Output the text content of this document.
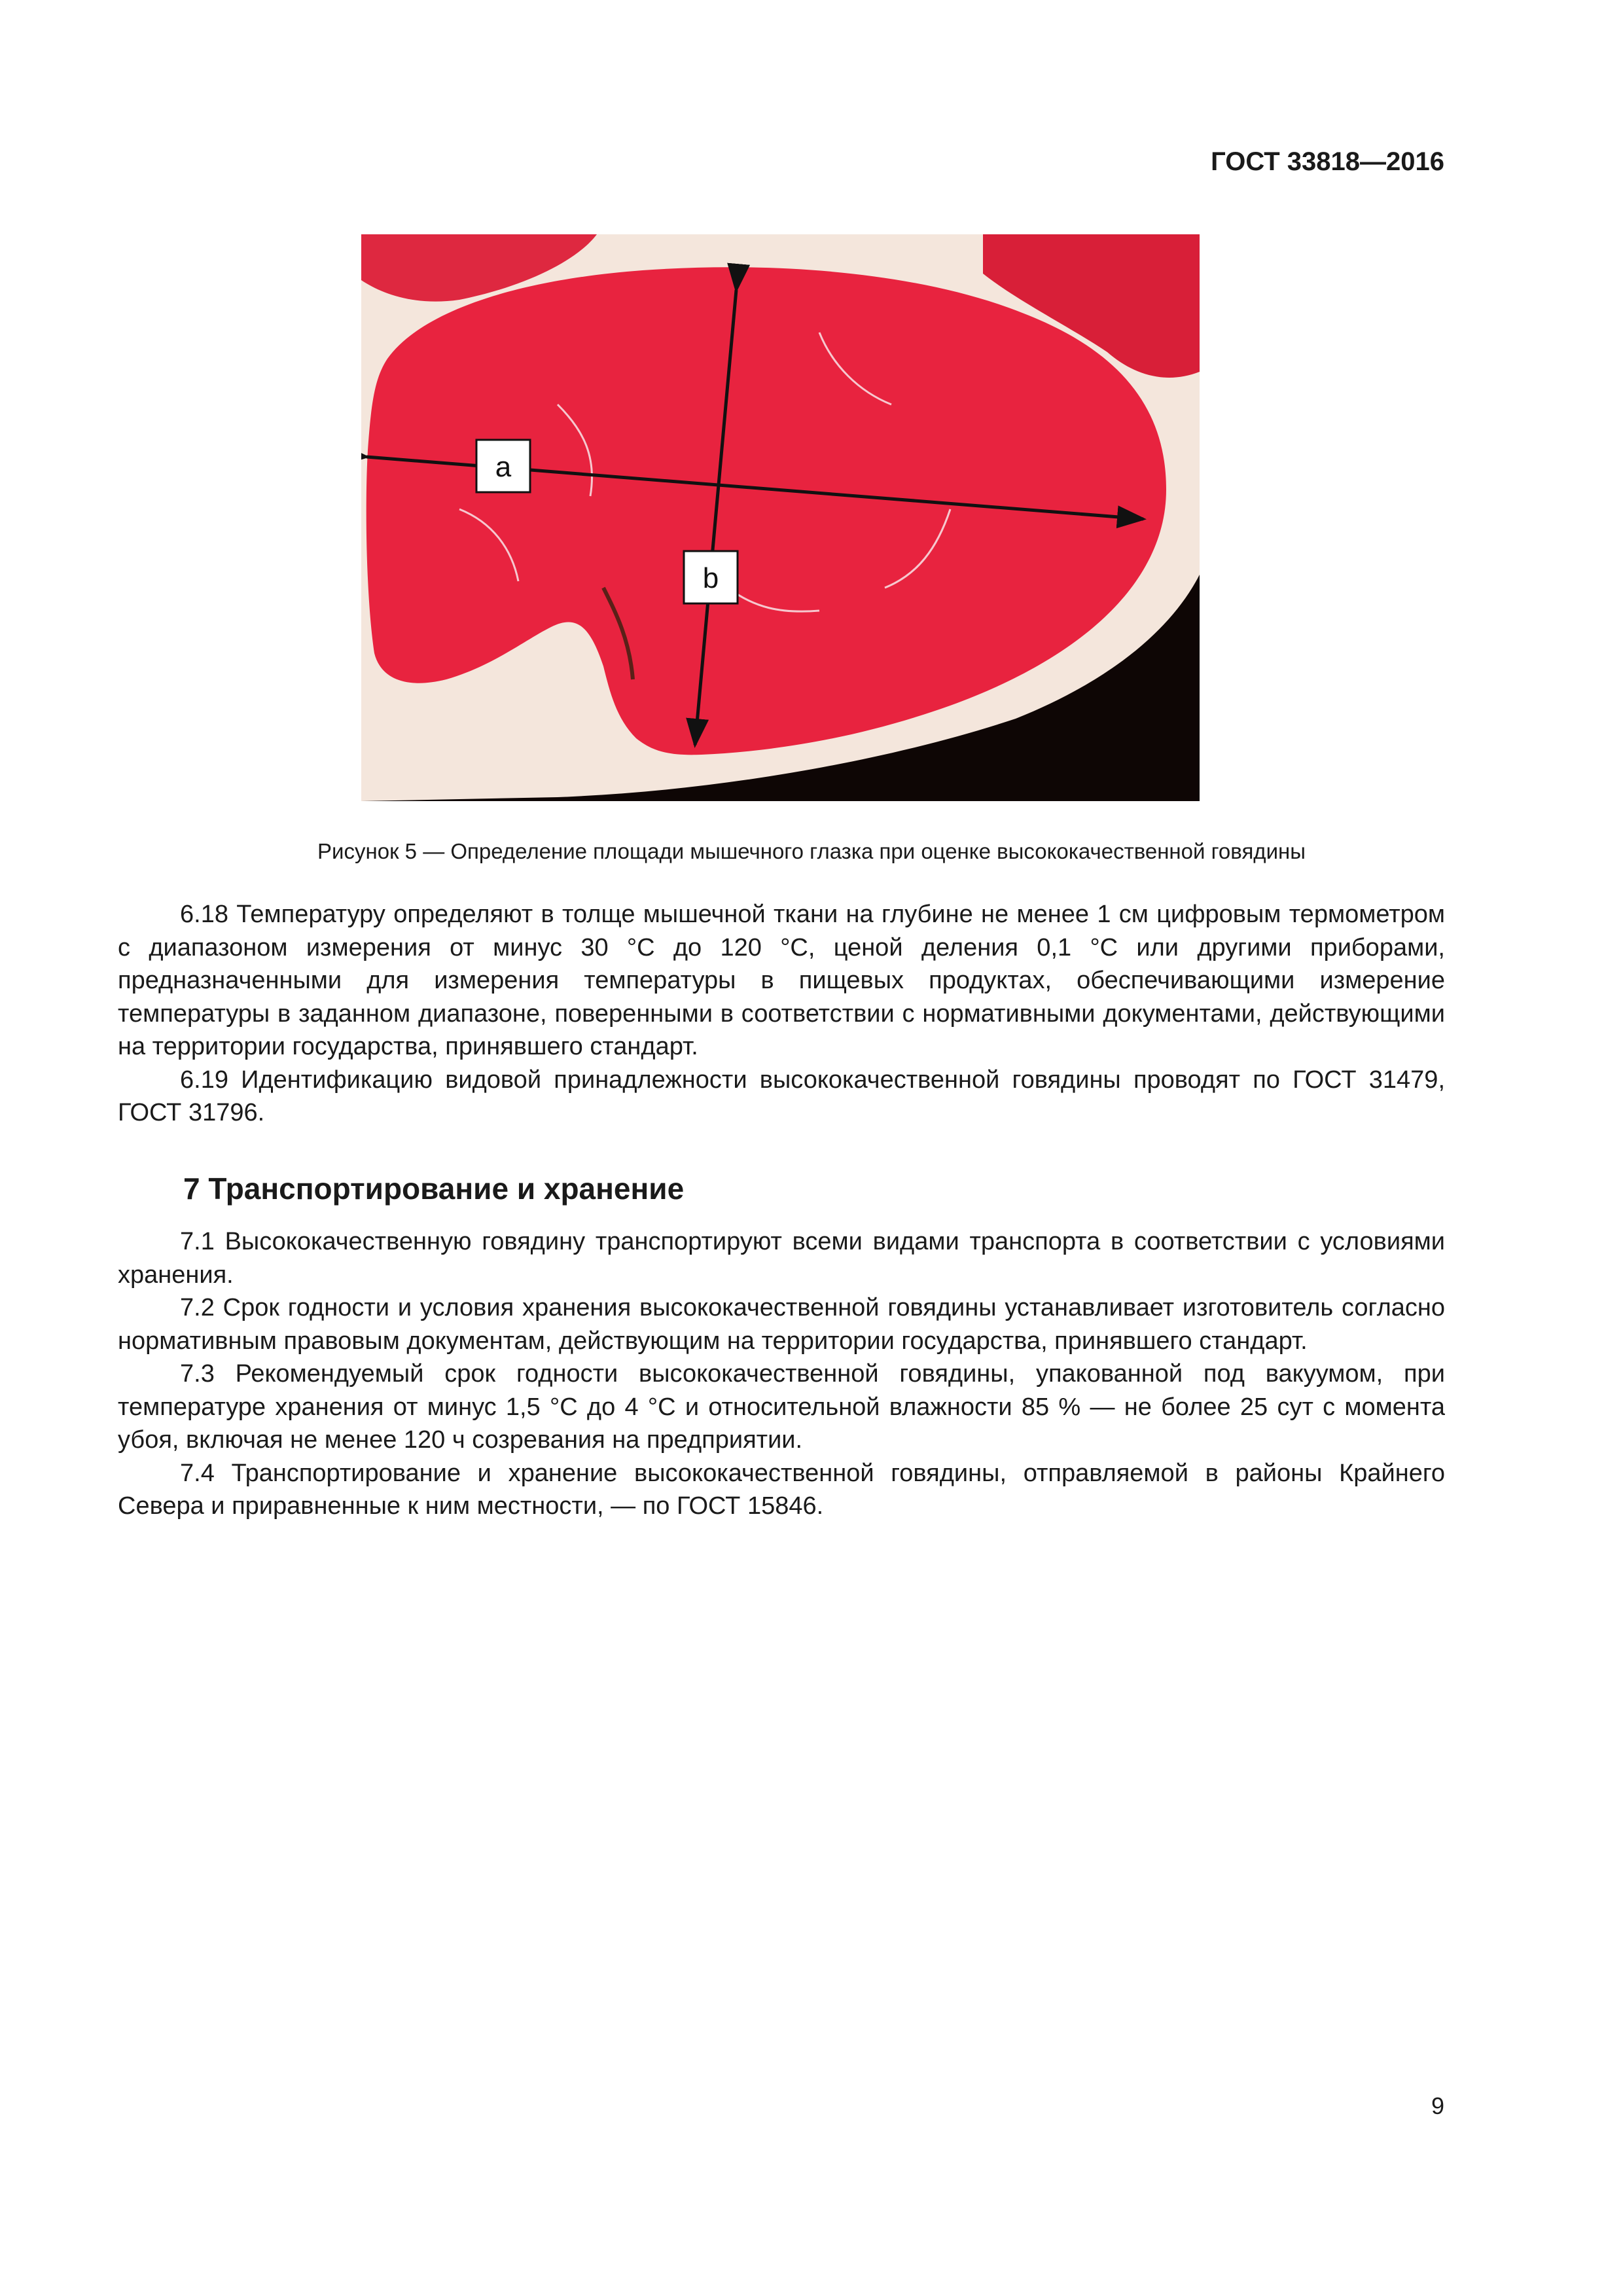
ГОСТ 33818—2016
a
b
Рисунок 5 — Определение площади мышечного глазка при оценке высококачественной говядины

6.18 Температуру определяют в толще мышечной ткани на глубине не менее 1 см цифровым термометром с диапазоном измерения от минус 30 °С до 120 °С, ценой деления 0,1 °С или другими приборами, предназначенными для измерения температуры в пищевых продуктах, обеспечивающими измерение температуры в заданном диапазоне, поверенными в соответствии с нормативными документами, действующими на территории государства, принявшего стандарт.

6.19 Идентификацию видовой принадлежности высококачественной говядины проводят по ГОСТ 31479, ГОСТ 31796.

7 Транспортирование и хранение

7.1 Высококачественную говядину транспортируют всеми видами транспорта в соответствии с условиями хранения.

7.2 Срок годности и условия хранения высококачественной говядины устанавливает изготовитель согласно нормативным правовым документам, действующим на территории государства, принявшего стандарт.

7.3 Рекомендуемый срок годности высококачественной говядины, упакованной под вакуумом, при температуре хранения от минус 1,5 °С до 4 °С и относительной влажности 85 % — не более 25 сут с момента убоя, включая не менее 120 ч созревания на предприятии.

7.4 Транспортирование и хранение высококачественной говядины, отправляемой в районы Крайнего Севера и приравненные к ним местности, — по ГОСТ 15846.

9
